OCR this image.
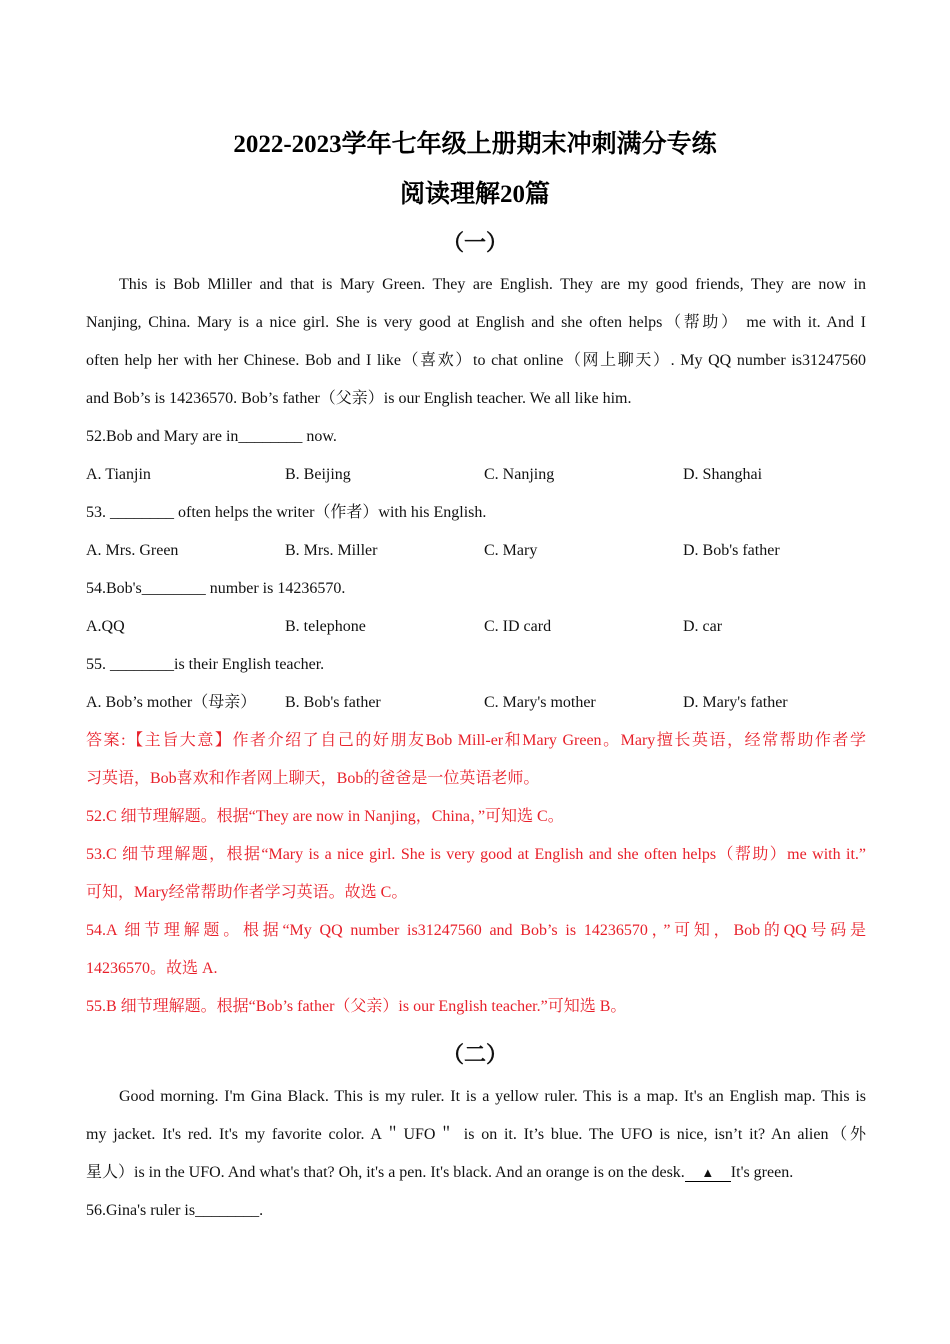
2022-2023学年七年级上册期末冲刺满分专练
阅读理解20篇
（一）
This is Bob Mliller and that is Mary Green. They are English. They are my good friends, They are now in
Nanjing, China. Mary is a nice girl. She is very good at English and she often helps（帮助） me with it. And I
often help her with her Chinese. Bob and I like（喜欢）to chat online（网上聊天）. My QQ number is31247560
and Bob’s is 14236570. Bob’s father（父亲）is our English teacher. We all like him.
52.Bob and Mary are in________ now.
A. Tianjin	B. Beijing	C. Nanjing	D. Shanghai
53. ________ often helps the writer（作者）with his English.
A. Mrs. Green	B. Mrs. Miller	C. Mary	D. Bob's father
54.Bob's________ number is 14236570.
A.QQ	B. telephone	C. ID card	D. car
55. ________is their English teacher.
A. Bob’s mother（母亲） B. Bob's father	C. Mary's mother	D. Mary's father
答案:【主旨大意】作者介绍了自己的好朋友Bob Mill-er和Mary Green。Mary擅长英语，经常帮助作者学
习英语，Bob喜欢和作者网上聊天，Bob的爸爸是一位英语老师。
52.C 细节理解题。根据“They are now in Nanjing，China，”可知选 C。
53.C 细节理解题，根据“Mary is a nice girl. She is very good at English and she often helps（帮助）me with it.”
可知，Mary经常帮助作者学习英语。故选 C。
54.A 细节理解题。根据“My QQ number is31247560 and Bob’s is 14236570，”可知，Bob的QQ号码是
14236570。故选 A.
55.B 细节理解题。根据“Bob’s father（父亲）is our English teacher.”可知选 B。
（二）
Good morning. I'm Gina Black. This is my ruler. It is a yellow ruler. This is a map. It's an English map. This is
my jacket. It's red. It's my favorite color. A＂UFO＂ is on it. It’s blue. The UFO is nice, isn’t it? An alien（外
星人）is in the UFO. And what's that? Oh, it's a pen. It's black. And an orange is on the desk. ▲ It's green.
56.Gina's ruler is________.
